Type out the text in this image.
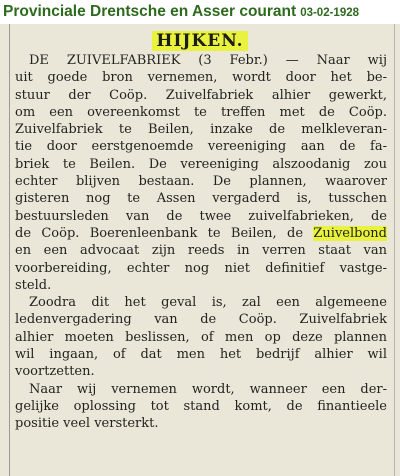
Provinciale Drentsche en Asser courant 03-02-1928
HIJKEN.
DE ZUIVELFABRIEK (3 Febr.) — Naar wij
uit goede bron vernemen, wordt door het be-
stuur der Coöp. Zuivelfabriek alhier gewerkt,
om een overeenkomst te treffen met de Coöp.
Zuivelfabriek te Beilen, inzake de melkleveran-
tie door eerstgenoemde vereeniging aan de fa-
briek te Beilen. De vereeniging alszoodanig zou
echter blijven bestaan. De plannen, waarover
gisteren nog te Assen vergaderd is, tusschen
bestuursleden van de twee zuivelfabrieken, de
de Coöp. Boerenleenbank te Beilen, de Zuivelbond
en een advocaat zijn reeds in verren staat van
voorbereiding, echter nog niet definitief vastge-
steld.
Zoodra dit het geval is, zal een algemeene
ledenvergadering van de Coöp. Zuivelfabriek
alhier moeten beslissen, of men op deze plannen
wil ingaan, of dat men het bedrijf alhier wil
voortzetten.
Naar wij vernemen wordt, wanneer een der-
gelijke oplossing tot stand komt, de finantieele
positie veel versterkt.
